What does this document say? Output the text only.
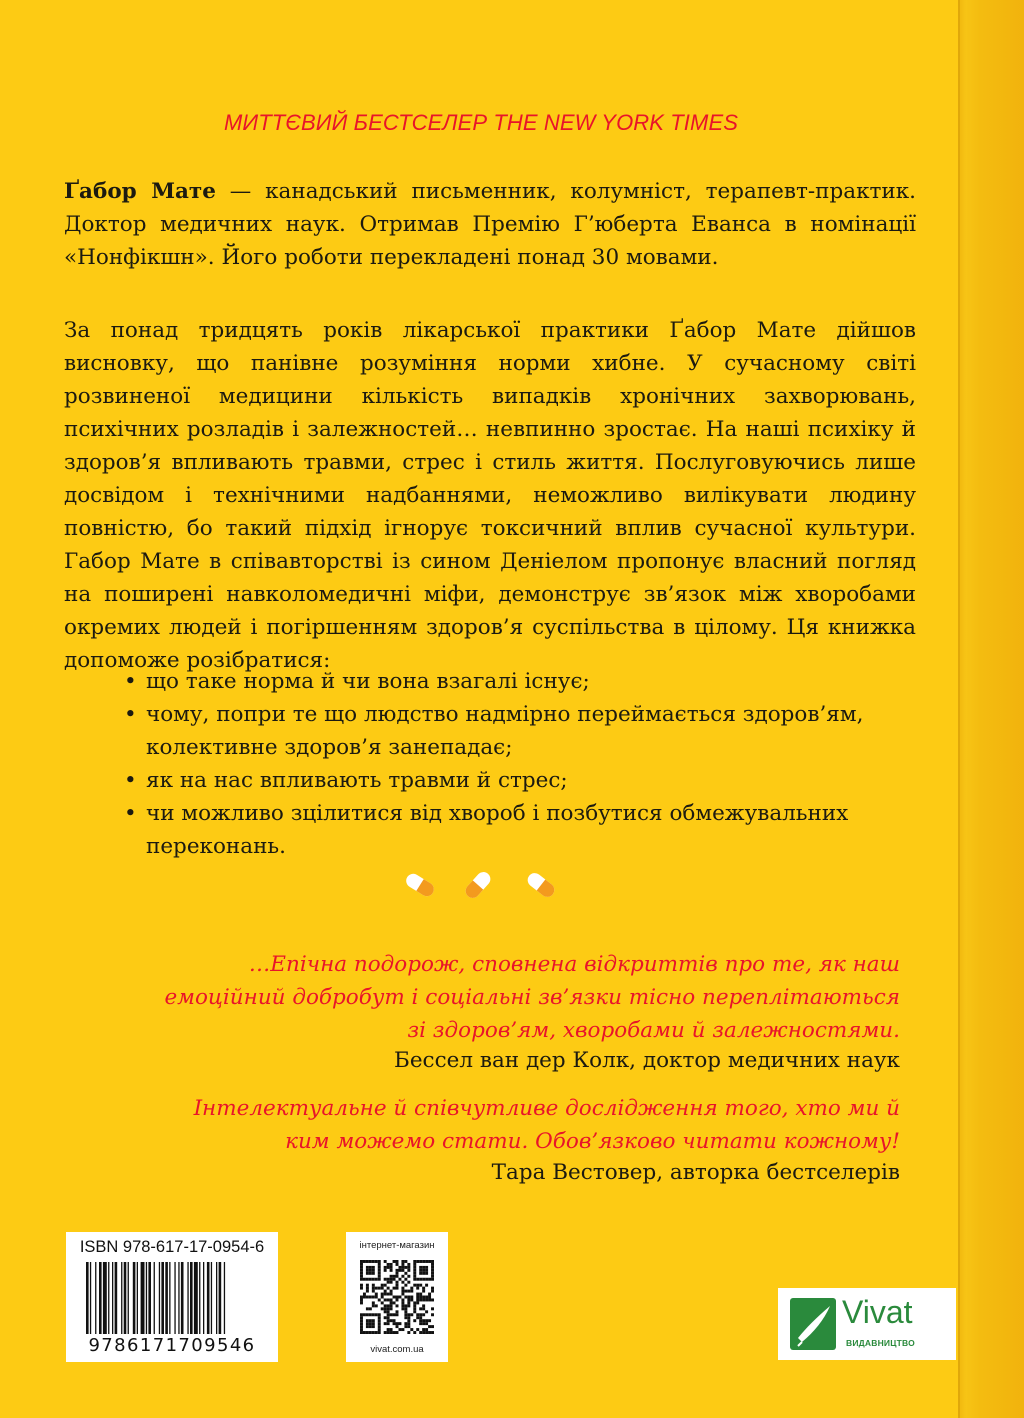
МИТТЄВИЙ БЕСТСЕЛЕР THE NEW YORK TIMES
Ґабор Мате — канадський письменник, колумніст, терапевт-практик. Доктор медичних наук. Отримав Премію Г’юберта Еванса в номінації «Нонфікшн». Його роботи перекладені понад 30 мовами.
За понад тридцять років лікарської практики Ґабор Мате дійшов висновку, що панівне розуміння норми хибне. У сучасному світі розвиненої медицини кількість випадків хронічних захворювань, психічних розладів і залежностей… невпинно зростає. На наші психіку й здоров’я впливають травми, стрес і стиль життя. Послуговуючись лише досвідом і технічними надбаннями, неможливо вилікувати людину повністю, бо такий підхід ігнорує токсичний вплив сучасної культури. Габор Мате в співавторстві із сином Деніелом пропонує власний погляд на поширені навколомедичні міфи, демонструє зв’язок між хворобами окремих людей і погіршенням здоров’я суспільства в цілому. Ця книжка допоможе розібратися:
• що таке норма й чи вона взагалі існує;
• чому, попри те що людство надмірно переймається здоров’ям, колективне здоров’я занепадає;
• як на нас впливають травми й стрес;
• чи можливо зцілитися від хвороб і позбутися обмежувальних переконань.
…Епічна подорож, сповнена відкриттів про те, як наш емоційний добробут і соціальні зв’язки тісно переплітаються зі здоров’ям, хворобами й залежностями.
Бессел ван дер Колк, доктор медичних наук
Інтелектуальне й співчутливе дослідження того, хто ми й ким можемо стати. Обов’язково читати кожному!
Тара Вестовер, авторка бестселерів
ISBN 978-617-17-0954-6
9786171709546
інтернет-магазин
vivat.com.ua
Vivat
ВИДАВНИЦТВО
